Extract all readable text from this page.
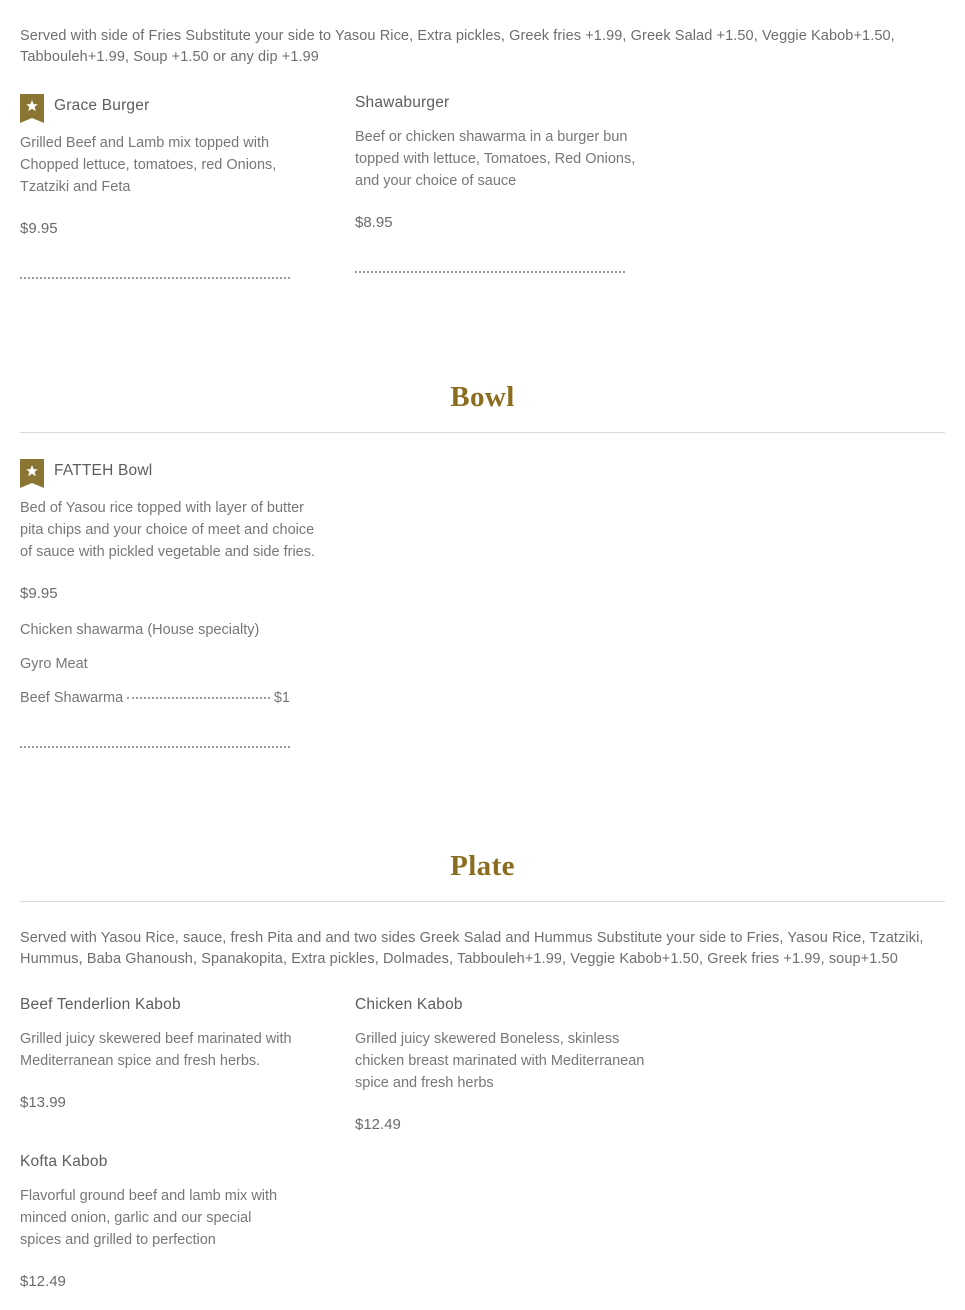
Served with side of Fries Substitute your side to Yasou Rice, Extra pickles, Greek fries +1.99, Greek Salad +1.50, Veggie Kabob+1.50, Tabbouleh+1.99, Soup +1.50 or any dip +1.99

Grace Burger

Grilled Beef and Lamb mix topped with Chopped lettuce, tomatoes, red Onions, Tzatziki and Feta

$9.95

Shawaburger

Beef or chicken shawarma in a burger bun topped with lettuce, Tomatoes, Red Onions, and your choice of sauce

$8.95

Bowl
FATTEH Bowl

Bed of Yasou rice topped with layer of butter pita chips and your choice of meet and choice of sauce with pickled vegetable and side fries.

$9.95

Chicken shawarma (House specialty)

Gyro Meat

Beef Shawarma	$1
Plate

Served with Yasou Rice, sauce, fresh Pita and and two sides Greek Salad and Hummus Substitute your side to Fries, Yasou Rice, Tzatziki, Hummus, Baba Ghanoush, Spanakopita, Extra pickles, Dolmades, Tabbouleh+1.99, Veggie Kabob+1.50, Greek fries +1.99, soup+1.50

Beef Tenderlion Kabob

Grilled juicy skewered beef marinated with Mediterranean spice and fresh herbs.

$13.99

Chicken Kabob

Grilled juicy skewered Boneless, skinless chicken breast marinated with Mediterranean spice and fresh herbs

$12.49

Kofta Kabob

Flavorful ground beef and lamb mix with minced onion, garlic and our special spices and grilled to perfection

$12.49
